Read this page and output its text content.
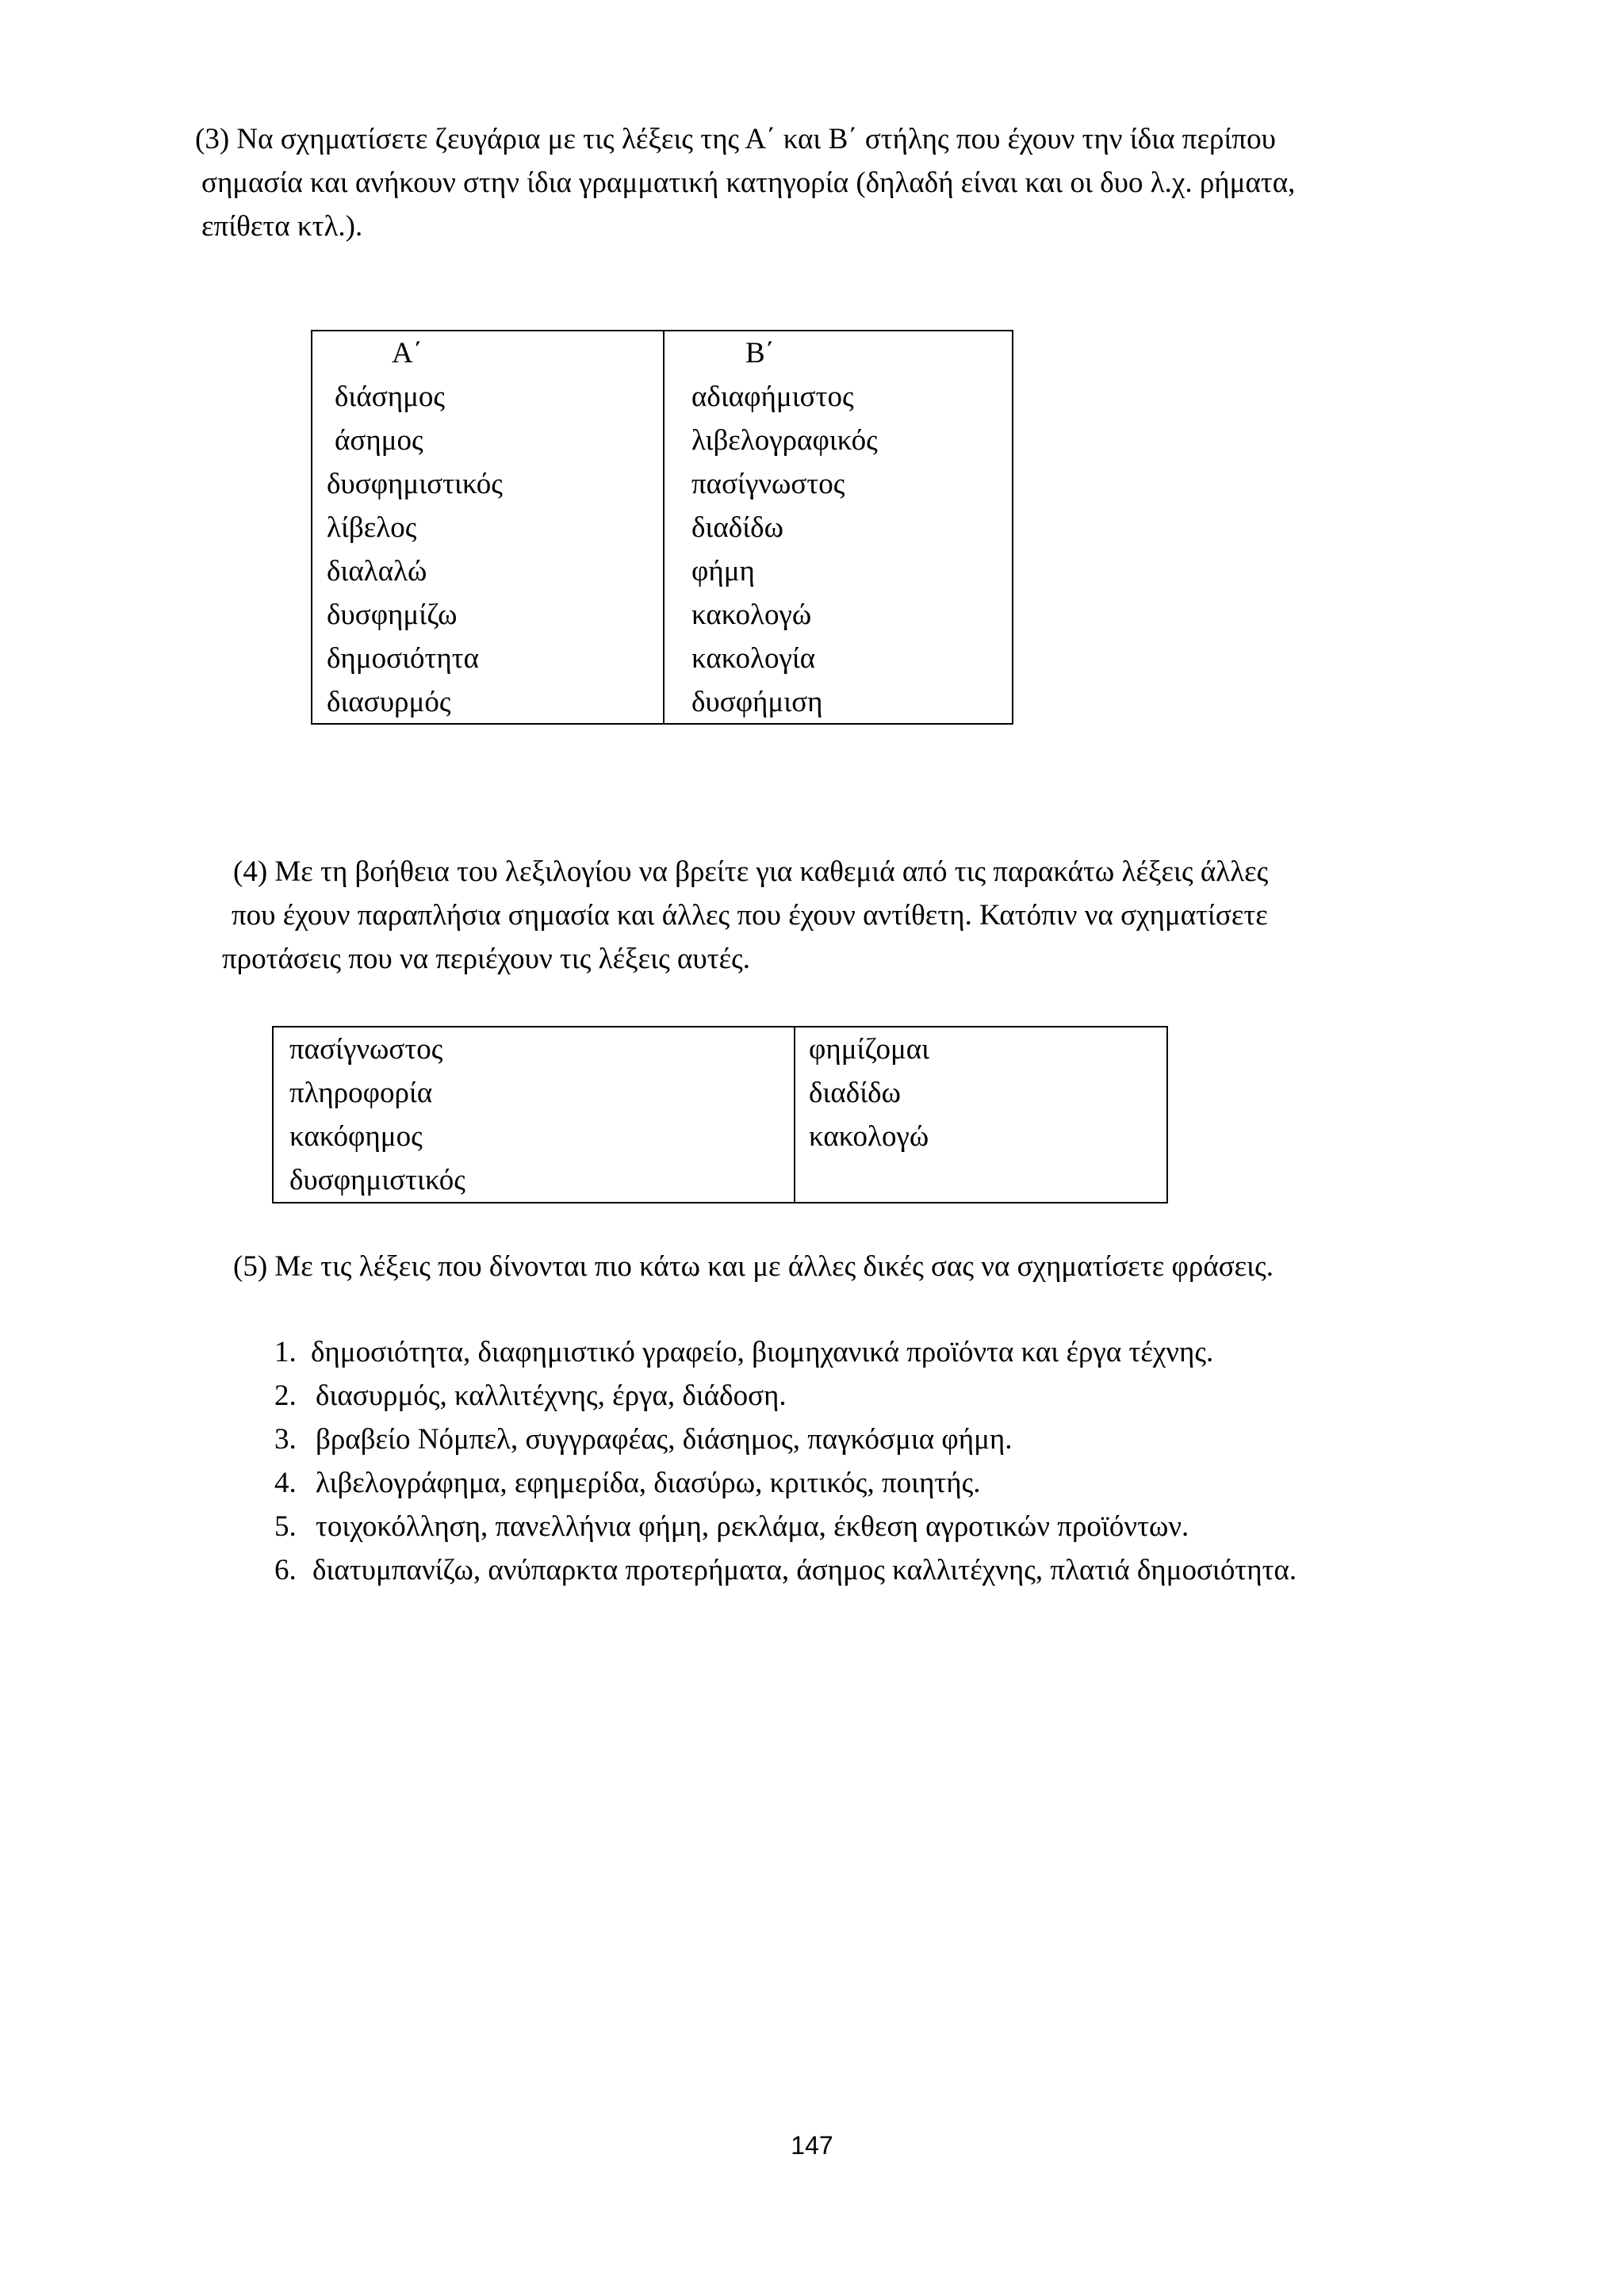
(3) Να σχηματίσετε ζευγάρια με τις λέξεις της Α΄ και Β΄ στήλης που έχουν την ίδια περίπου
σημασία και ανήκουν στην ίδια γραμματική κατηγορία (δηλαδή είναι και οι δυο λ.χ. ρήματα,
επίθετα κτλ.).
Α΄
διάσημος
άσημος
δυσφημιστικός
λίβελος
διαλαλώ
δυσφημίζω
δημοσιότητα
διασυρμός
Β΄
αδιαφήμιστος
λιβελογραφικός
πασίγνωστος
διαδίδω
φήμη
κακολογώ
κακολογία
δυσφήμιση
(4) Με τη βοήθεια του λεξιλογίου να βρείτε για καθεμιά από τις παρακάτω λέξεις άλλες
που έχουν παραπλήσια σημασία και άλλες που έχουν αντίθετη. Κατόπιν να σχηματίσετε
προτάσεις που να περιέχουν τις λέξεις αυτές.
πασίγνωστος
πληροφορία
κακόφημος
δυσφημιστικός
φημίζομαι
διαδίδω
κακολογώ
(5) Με τις λέξεις που δίνονται πιο κάτω και με άλλες δικές σας να σχηματίσετε φράσεις.
1. δημοσιότητα, διαφημιστικό γραφείο, βιομηχανικά προϊόντα και έργα τέχνης.
2. διασυρμός, καλλιτέχνης, έργα, διάδοση.
3. βραβείο Νόμπελ, συγγραφέας, διάσημος, παγκόσμια φήμη.
4. λιβελογράφημα, εφημερίδα, διασύρω, κριτικός, ποιητής.
5. τοιχοκόλληση, πανελλήνια φήμη, ρεκλάμα, έκθεση αγροτικών προϊόντων.
6. διατυμπανίζω, ανύπαρκτα προτερήματα, άσημος καλλιτέχνης, πλατιά δημοσιότητα.
147
